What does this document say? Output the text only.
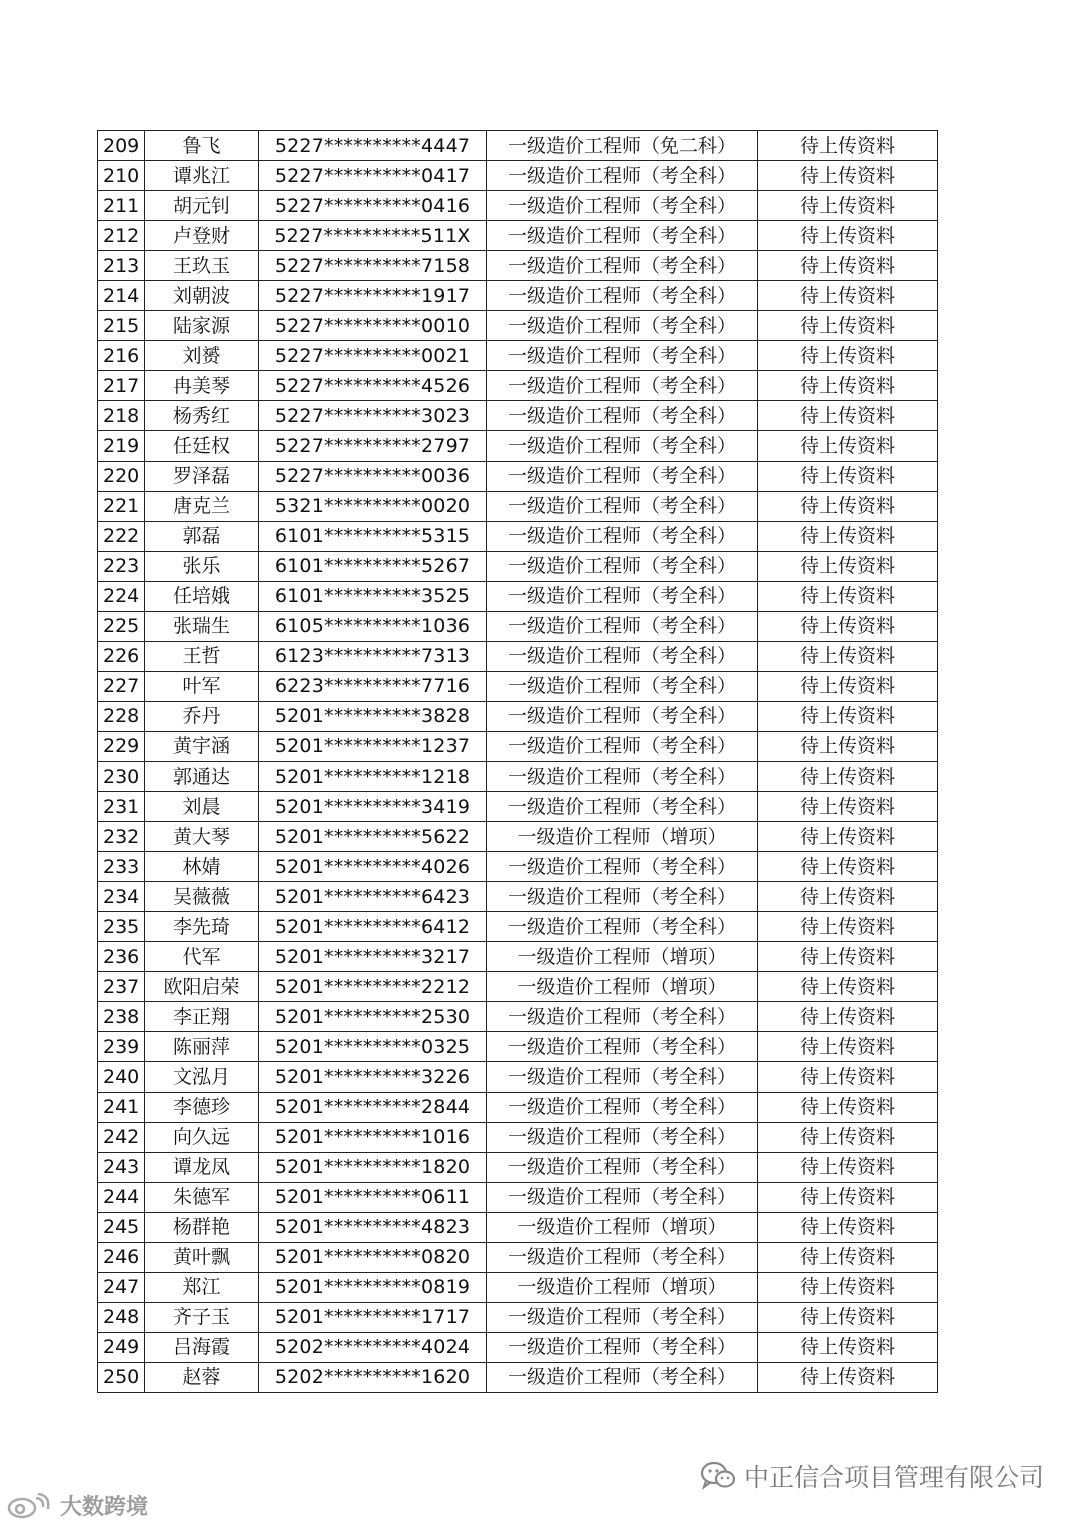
209	鲁飞	5227**********4447	一级造价工程师（免二科）	待上传资料
210	谭兆江	5227**********0417	一级造价工程师（考全科）	待上传资料
211	胡元钊	5227**********0416	一级造价工程师（考全科）	待上传资料
212	卢登财	5227**********511X	一级造价工程师（考全科）	待上传资料
213	王玖玉	5227**********7158	一级造价工程师（考全科）	待上传资料
214	刘朝波	5227**********1917	一级造价工程师（考全科）	待上传资料
215	陆家源	5227**********0010	一级造价工程师（考全科）	待上传资料
216	刘赟	5227**********0021	一级造价工程师（考全科）	待上传资料
217	冉美琴	5227**********4526	一级造价工程师（考全科）	待上传资料
218	杨秀红	5227**********3023	一级造价工程师（考全科）	待上传资料
219	任廷权	5227**********2797	一级造价工程师（考全科）	待上传资料
220	罗泽磊	5227**********0036	一级造价工程师（考全科）	待上传资料
221	唐克兰	5321**********0020	一级造价工程师（考全科）	待上传资料
222	郭磊	6101**********5315	一级造价工程师（考全科）	待上传资料
223	张乐	6101**********5267	一级造价工程师（考全科）	待上传资料
224	任培娥	6101**********3525	一级造价工程师（考全科）	待上传资料
225	张瑞生	6105**********1036	一级造价工程师（考全科）	待上传资料
226	王哲	6123**********7313	一级造价工程师（考全科）	待上传资料
227	叶军	6223**********7716	一级造价工程师（考全科）	待上传资料
228	乔丹	5201**********3828	一级造价工程师（考全科）	待上传资料
229	黄宇涵	5201**********1237	一级造价工程师（考全科）	待上传资料
230	郭通达	5201**********1218	一级造价工程师（考全科）	待上传资料
231	刘晨	5201**********3419	一级造价工程师（考全科）	待上传资料
232	黄大琴	5201**********5622	一级造价工程师（增项）	待上传资料
233	林婧	5201**********4026	一级造价工程师（考全科）	待上传资料
234	吴薇薇	5201**********6423	一级造价工程师（考全科）	待上传资料
235	李先琦	5201**********6412	一级造价工程师（考全科）	待上传资料
236	代军	5201**********3217	一级造价工程师（增项）	待上传资料
237	欧阳启荣	5201**********2212	一级造价工程师（增项）	待上传资料
238	李正翔	5201**********2530	一级造价工程师（考全科）	待上传资料
239	陈丽萍	5201**********0325	一级造价工程师（考全科）	待上传资料
240	文泓月	5201**********3226	一级造价工程师（考全科）	待上传资料
241	李德珍	5201**********2844	一级造价工程师（考全科）	待上传资料
242	向久远	5201**********1016	一级造价工程师（考全科）	待上传资料
243	谭龙凤	5201**********1820	一级造价工程师（考全科）	待上传资料
244	朱德军	5201**********0611	一级造价工程师（考全科）	待上传资料
245	杨群艳	5201**********4823	一级造价工程师（增项）	待上传资料
246	黄叶飘	5201**********0820	一级造价工程师（考全科）	待上传资料
247	郑江	5201**********0819	一级造价工程师（增项）	待上传资料
248	齐子玉	5201**********1717	一级造价工程师（考全科）	待上传资料
249	吕海霞	5202**********4024	一级造价工程师（考全科）	待上传资料
250	赵蓉	5202**********1620	一级造价工程师（考全科）	待上传资料
中正信合项目管理有限公司
大数跨境
